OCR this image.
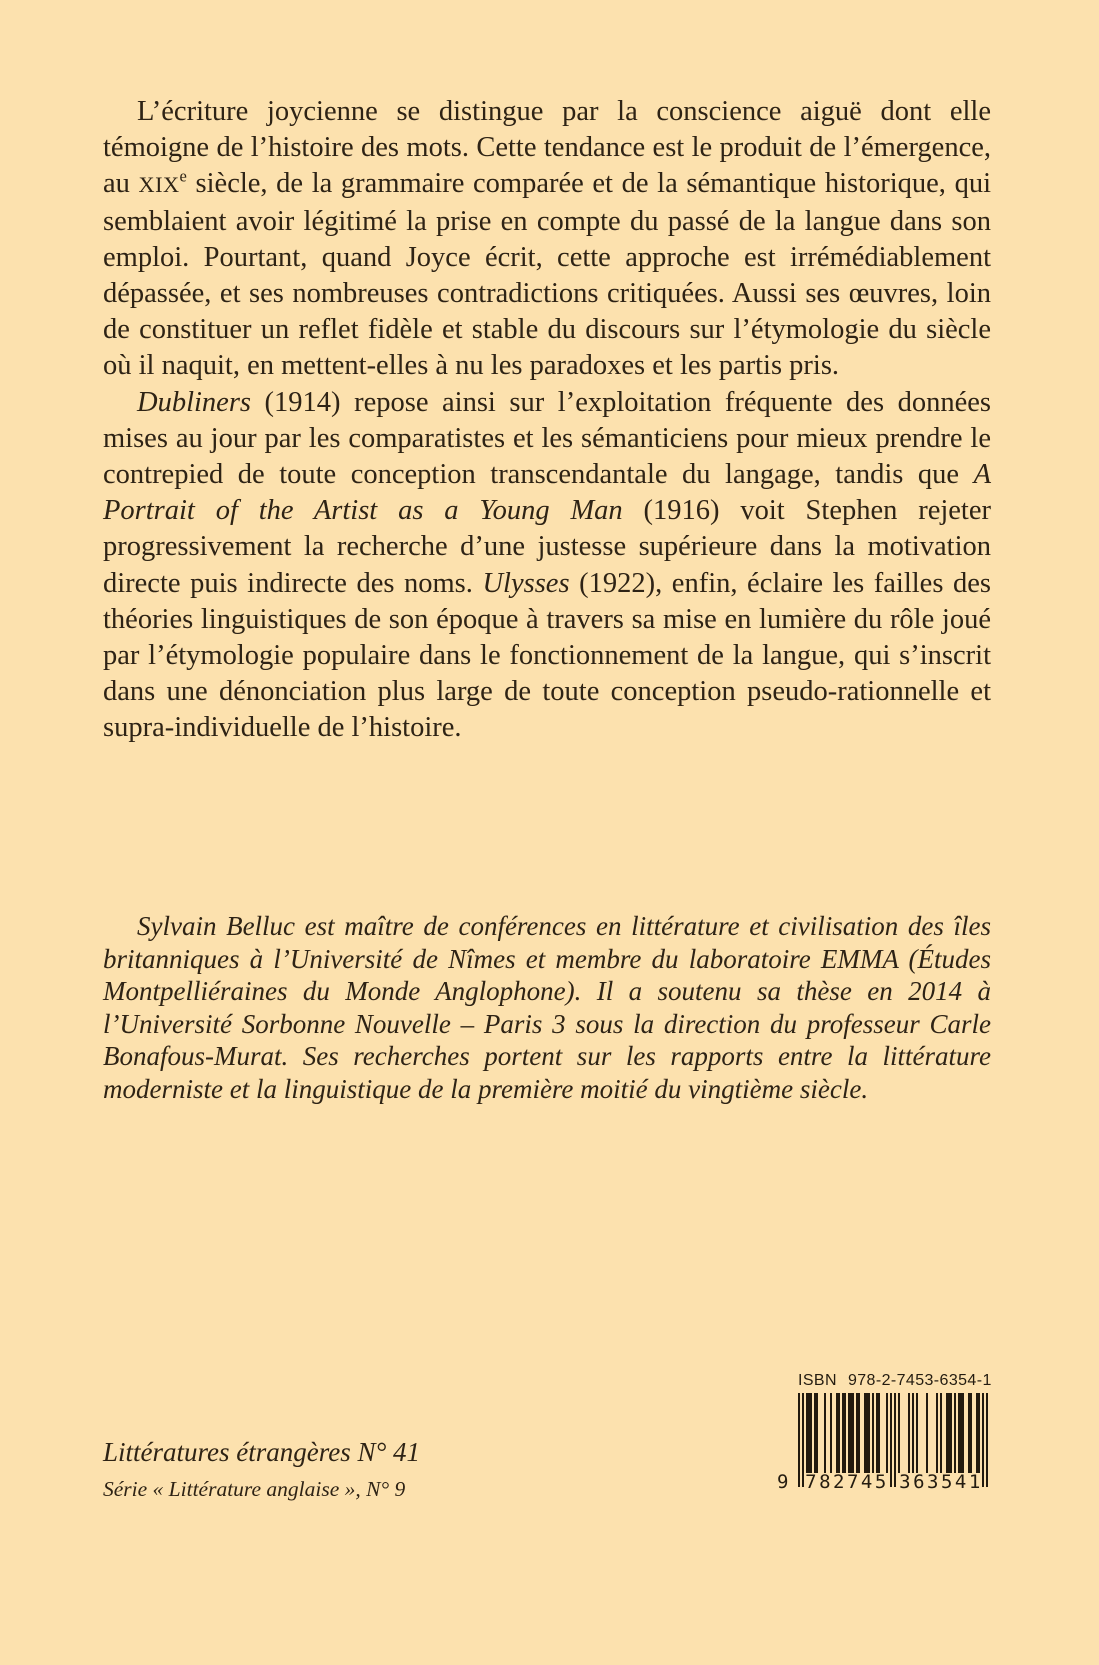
L’écriture joycienne se distingue par la conscience aiguë dont elle témoigne de l’histoire des mots. Cette tendance est le produit de l’émergence, au XIXe siècle, de la grammaire comparée et de la sémantique historique, qui semblaient avoir légitimé la prise en compte du passé de la langue dans son emploi. Pourtant, quand Joyce écrit, cette approche est irrémédiablement dépassée, et ses nombreuses contradictions critiquées. Aussi ses œuvres, loin de constituer un reflet fidèle et stable du discours sur l’étymologie du siècle où il naquit, en mettent-elles à nu les paradoxes et les partis pris.

Dubliners (1914) repose ainsi sur l’exploitation fréquente des données mises au jour par les comparatistes et les sémanticiens pour mieux prendre le contrepied de toute conception transcendantale du langage, tandis que A Portrait of the Artist as a Young Man (1916) voit Stephen rejeter progressivement la recherche d’une justesse supérieure dans la motivation directe puis indirecte des noms. Ulysses (1922), enfin, éclaire les failles des théories linguistiques de son époque à travers sa mise en lumière du rôle joué par l’étymologie populaire dans le fonctionnement de la langue, qui s’inscrit dans une dénonciation plus large de toute conception pseudo-rationnelle et supra-individuelle de l’histoire.

Sylvain Belluc est maître de conférences en littérature et civilisation des îles britanniques à l’Université de Nîmes et membre du laboratoire EMMA (Études Montpelliéraines du Monde Anglophone). Il a soutenu sa thèse en 2014 à l’Université Sorbonne Nouvelle – Paris 3 sous la direction du professeur Carle Bonafous-Murat. Ses recherches portent sur les rapports entre la littérature moderniste et la linguistique de la première moitié du vingtième siècle.

Littératures étrangères N° 41
Série « Littérature anglaise », N° 9
ISBN 978-2-7453-6354-1
9 782745 363541
